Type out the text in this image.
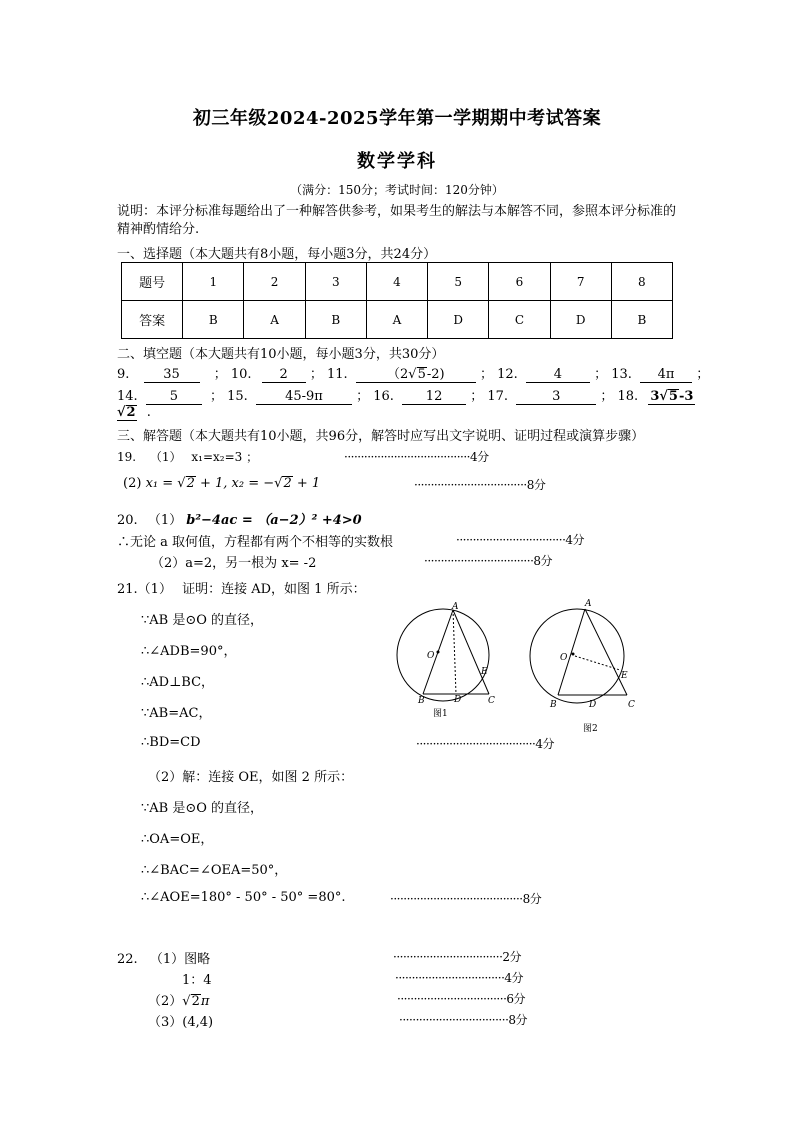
初三年级2024-2025学年第一学期期中考试答案
数学学科
（满分：150分；考试时间：120分钟）
说明：本评分标准每题给出了一种解答供参考，如果考生的解法与本解答不同，参照本评分标准的精神酌情给分.
一、选择题（本大题共有8小题，每小题3分，共24分）
题号	1	2	3	4	5	6	7	8
答案	B	A	B	A	D	C	D	B
二、填空题（本大题共有10小题，每小题3分，共30分）
9.	35	； 10. 2 ； 11.	（2√5-2)	； 12.	4 ； 13. 4π ；
14. 5 ； 15.	45-9π	； 16. 12 ； 17.	3	； 18. 3√5-3
√2 .
三、解答题（本大题共有10小题，共96分，解答时应写出文字说明、证明过程或演算步骤）
19. （1） x₁=x₂=3 ；	······································4分
(2) x₁ = √2 + 1, x₂ = −√2 + 1	··································8分
20. （1） b²−4ac = （a−2）² +4>0
∴无论 a 取何值，方程都有两个不相等的实数根	·································4分
（2）a=2，另一根为 x= -2	·································8分
21.（1） 证明：连接 AD，如图 1 所示：
∵AB 是⊙O 的直径，
∴∠ADB=90°，
∴AD⊥BC，
∵AB=AC，
∴BD=CD	····································4分
A
O
B	D
E
C
图1
A
O
B	D
E
C
图2
（2）解：连接 OE，如图 2 所示：
∵AB 是⊙O 的直径，
∴OA=OE，
∴∠BAC=∠OEA=50°，
∴∠AOE=180° - 50° - 50° =80°.	········································8分
22. （1）图略	·································2分
1：4	·································4分
（2）√2π	·································6分
（3）(4,4)	·································8分
